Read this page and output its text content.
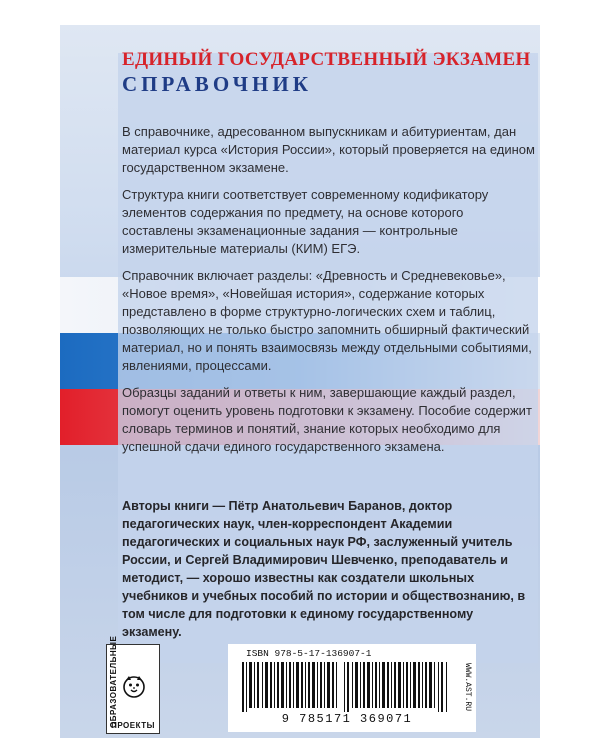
ЕДИНЫЙ ГОСУДАРСТВЕННЫЙ ЭКЗАМЕН
СПРАВОЧНИК

В справочнике, адресованном выпускникам и абитуриентам, дан материал курса «История России», который проверяется на едином государственном экзамене.

Структура книги соответствует современному кодификатору элементов содержания по предмету, на основе которого составлены экзаменационные задания — контрольные измерительные материалы (КИМ) ЕГЭ.

Справочник включает разделы: «Древность и Средневековье», «Новое время», «Новейшая история», содержание которых представлено в форме структурно-логических схем и таблиц, позволяющих не только быстро запомнить обширный фактический материал, но и понять взаимосвязь между отдельными событиями, явлениями, процессами.

Образцы заданий и ответы к ним, завершающие каждый раздел, помогут оценить уровень подготовки к экзамену. Пособие содержит словарь терминов и понятий, знание которых необходимо для успешной сдачи единого государственного экзамена.

Авторы книги — Пётр Анатольевич Баранов, доктор педагогических наук, член-корреспондент Академии педагогических и социальных наук РФ, заслуженный учитель России, и Сергей Владимирович Шевченко, преподаватель и методист, — хорошо известны как создатели школьных учебников и учебных пособий по истории и обществознанию, в том числе для подготовки к единому государственному экзамену.

ОБРАЗОВАТЕЛЬНЫЕ
ПРОЕКТЫ
ISBN 978-5-17-136907-1
WWW.AST.RU
9 785171 369071
